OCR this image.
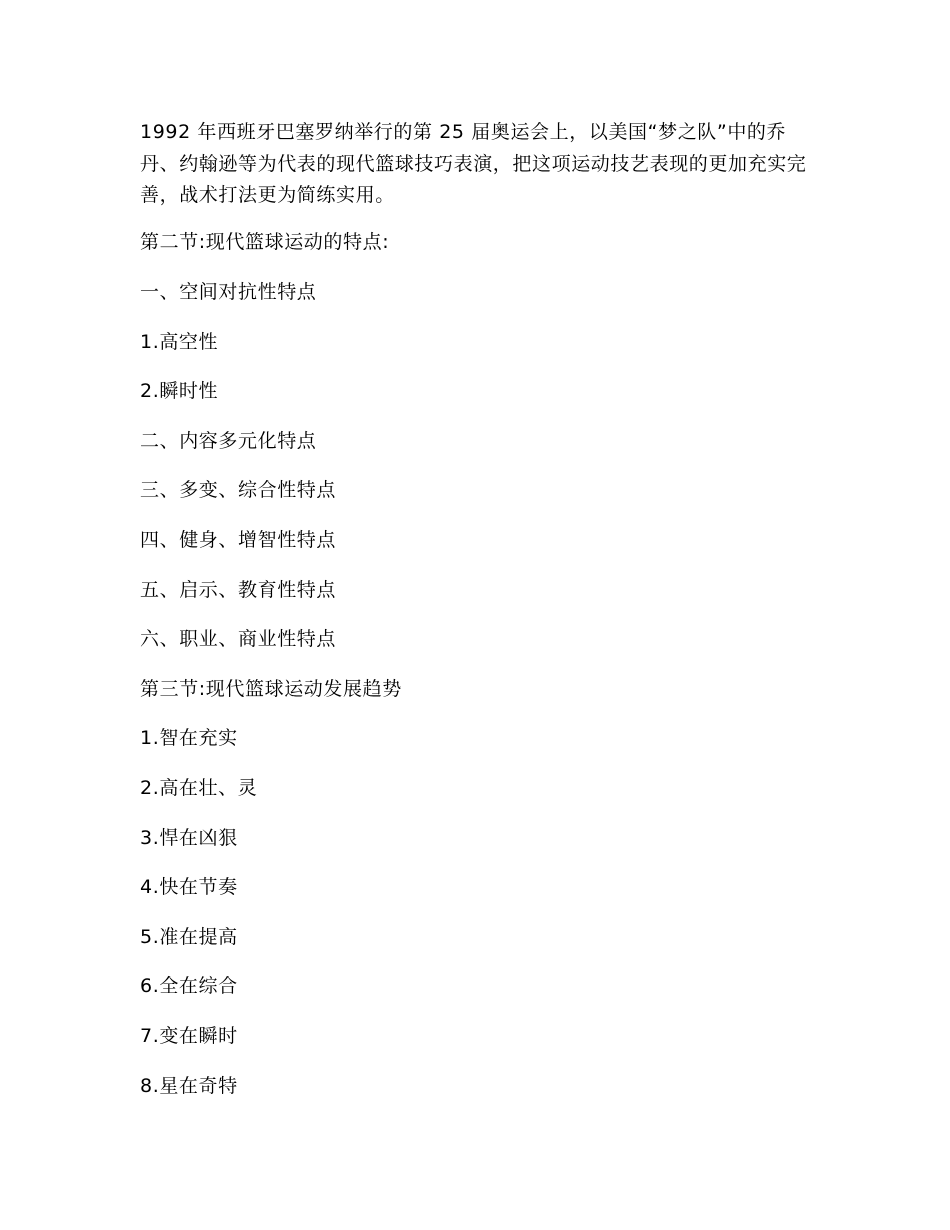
1992 年西班牙巴塞罗纳举行的第 25 届奥运会上，以美国“梦之队”中的乔丹、约翰逊等为代表的现代篮球技巧表演，把这项运动技艺表现的更加充实完善，战术打法更为简练实用。

第二节:现代篮球运动的特点:

一、空间对抗性特点

1.高空性

2.瞬时性

二、内容多元化特点

三、多变、综合性特点

四、健身、增智性特点

五、启示、教育性特点

六、职业、商业性特点

第三节:现代篮球运动发展趋势

1.智在充实

2.高在壮、灵

3.悍在凶狠

4.快在节奏

5.准在提高

6.全在综合

7.变在瞬时

8.星在奇特
